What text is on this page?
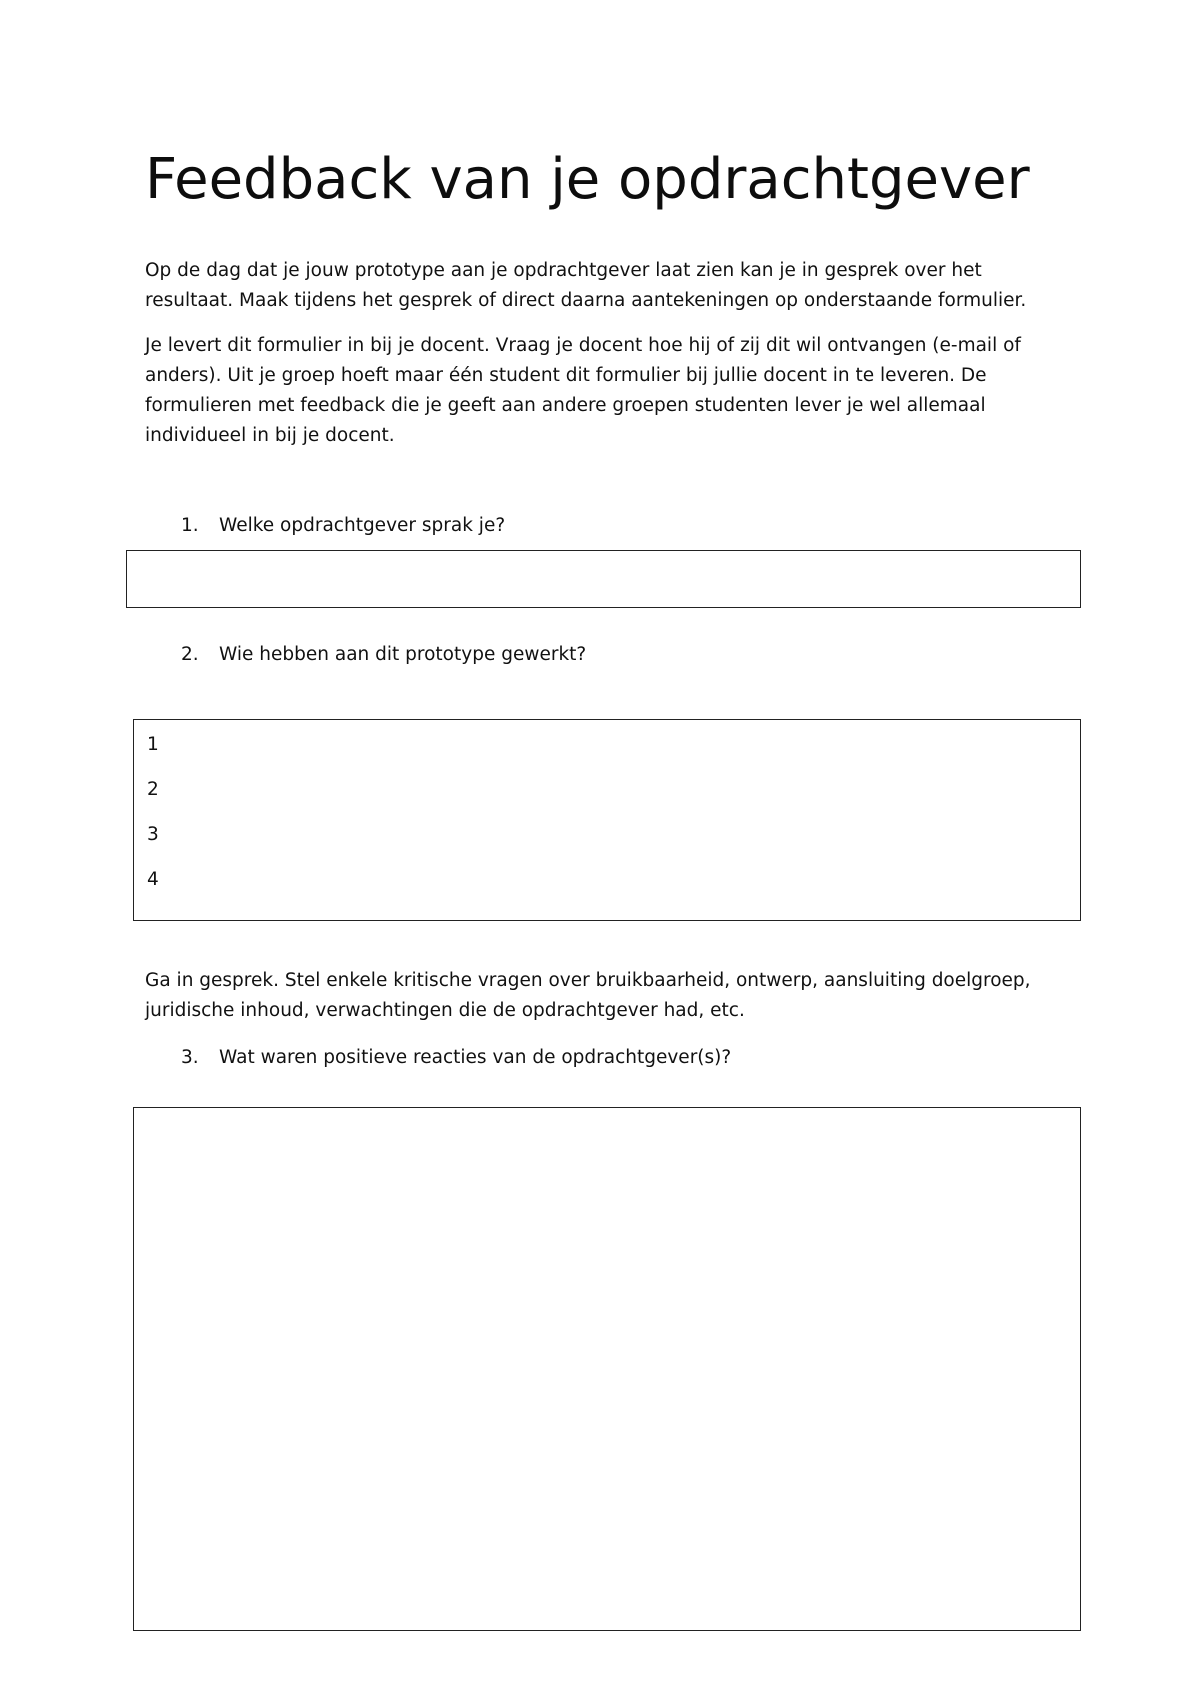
Feedback van je opdrachtgever

Op de dag dat je jouw prototype aan je opdrachtgever laat zien kan je in gesprek over het resultaat. Maak tijdens het gesprek of direct daarna aantekeningen op onderstaande formulier.

Je levert dit formulier in bij je docent. Vraag je docent hoe hij of zij dit wil ontvangen (e-mail of anders). Uit je groep hoeft maar één student dit formulier bij jullie docent in te leveren. De formulieren met feedback die je geeft aan andere groepen studenten lever je wel allemaal individueel in bij je docent.

1. Welke opdrachtgever sprak je?
2. Wie hebben aan dit prototype gewerkt?
1
2
3
4

Ga in gesprek. Stel enkele kritische vragen over bruikbaarheid, ontwerp, aansluiting doelgroep, juridische inhoud, verwachtingen die de opdrachtgever had, etc.

3. Wat waren positieve reacties van de opdrachtgever(s)?
